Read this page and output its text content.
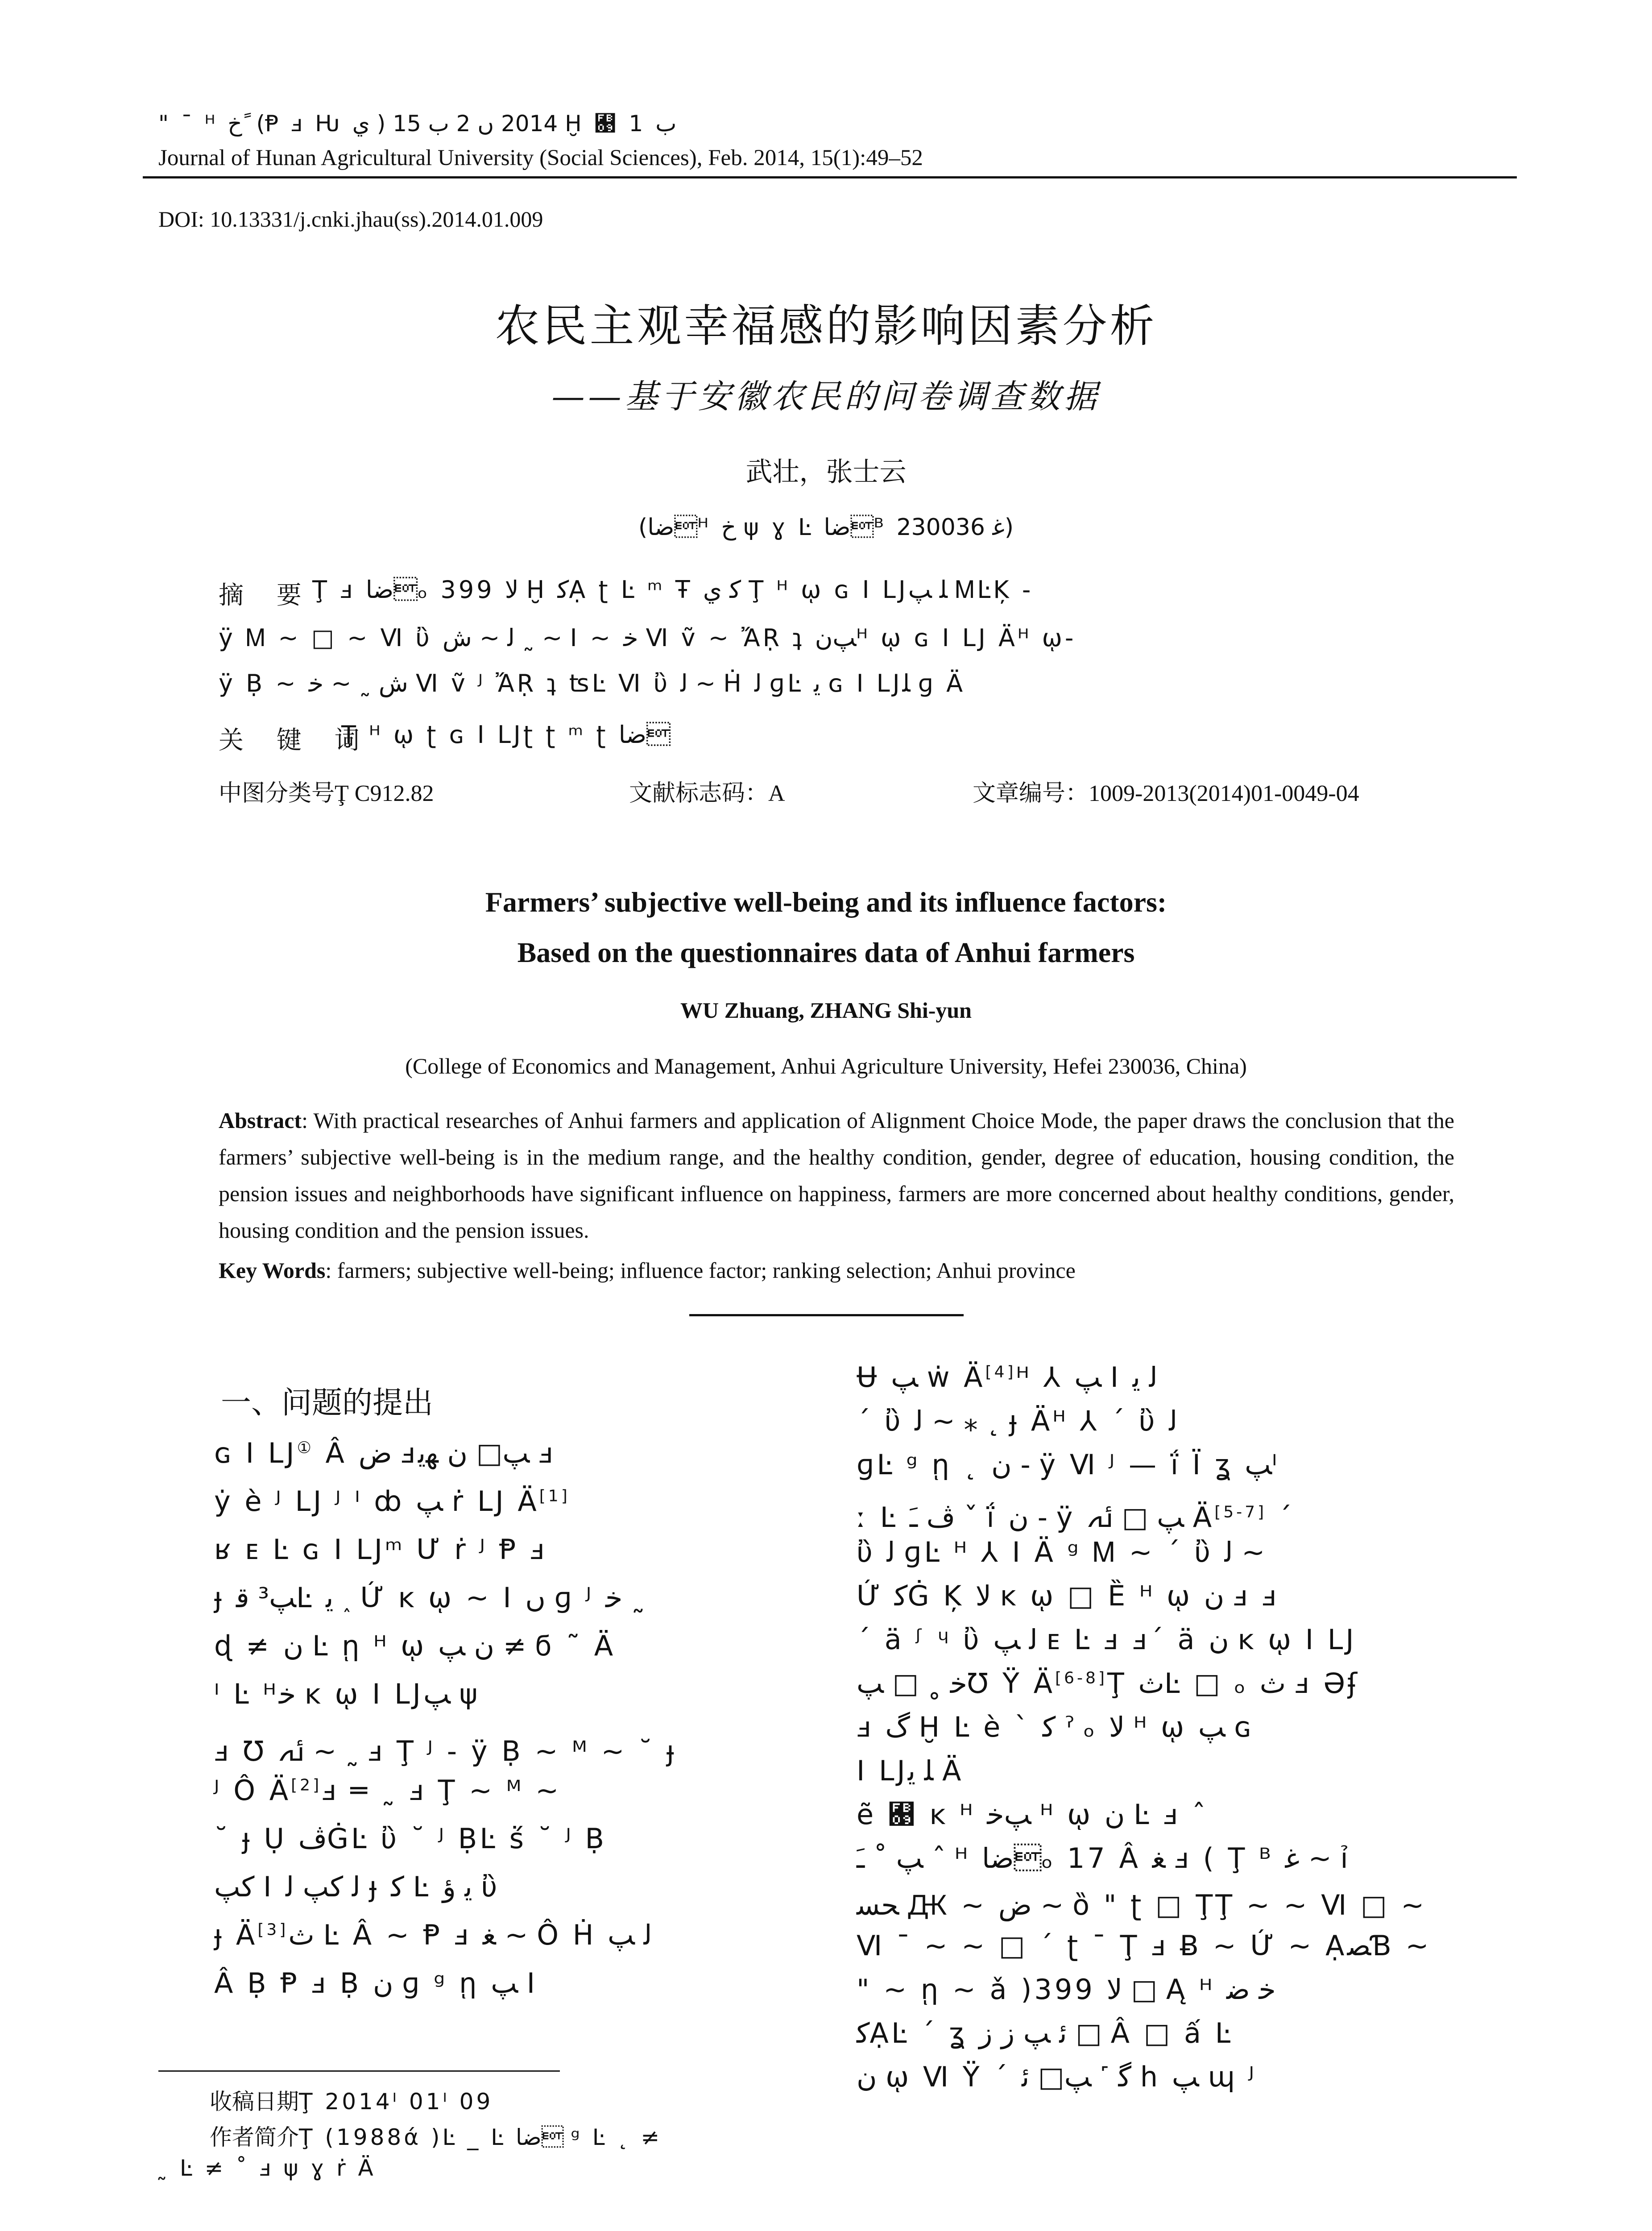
" ¯ ᴴ خ ً (Ᵽ ⅎ Ƕ ي ) 2014 ں 2 ب 15 Ḫ ﬉ 1 ب
Journal of Hunan Agricultural University (Social Sciences), Feb. 2014, 15(1):49–52
DOI: 10.13331/j.cnki.jhau(ss).2014.01.009
农民主观幸福感的影响因素分析
——基于安徽农民的问卷调查数据
武壮，张士云
(ﺿﺎᴴ خ ψ ɣ Ŀ ﺿﺎᴮ ﻏ 230036)
摘 要
Ţ ⅎ ﺿﺎₒ 399 ﻻ Ḫ ﮐẠ ʈ Ŀ ᵐ Ŧ ﮐ ي Ţ ᴴ ῳ ɢ Ι LJﻠ ﭗ ᎷĿĶ -
ÿ Ꮇ ~ □ ~ Ⅵ ὒ ﻟ ~ ﺵ ˷ ~ Ι ~ ﺧ Ⅵ ṽ ~ ἌṚ ʇ ﭗﻥᴴ ῳ ɢ Ι LJ Äᴴ ῳ-
ÿ Ḅ ~ ﺵ ˷ ~ ﺧ Ⅵ ṽ ᴶ ἌṚ ʇ ʦĿ Ⅵ ὒ ﻟ ~ Ḣ ﻟ ɡĿ ﻳ ɢ Ι LJﻠ ɡ Ä
关 键 词
Ţ ᴴ ῳ ʈ ɢ Ι LJʈ ʈ ᵐ ʈ ﺿﺎ
中图分类号Ţ C912.82	文献标志码：A	文章编号：1009-2013(2014)01-0049-04
Farmers’ subjective well-being and its influence factors:
Based on the questionnaires data of Anhui farmers
WU Zhuang, ZHANG Shi-yun
(College of Economics and Management, Anhui Agriculture University, Hefei 230036, China)
Abstract: With practical researches of Anhui farmers and application of Alignment Choice Mode, the paper draws the conclusion that the farmers’ subjective well-being is in the medium range, and the healthy condition, gender, degree of education, housing condition, the pension issues and neighborhoods have significant influence on happiness, farmers are more concerned about healthy conditions, gender, housing condition and the pension issues.
Key Words: farmers; subjective well-being; influence factor; ranking selection; Anhui province
一、问题的提出
ɢ Ι LJ① Â ﺽ ⅎﭗ□ ﻥ ﻬﻳ ⅎ
ẏ è ᴶ LJ ᴶ ᴵ ȸ ﭗ ṙ LJ Ä[1]
ʁ ᴇ Ŀ ɢ Ι LJᵐ Ư ṙ ᴶ Ᵽ ⅎ
ɟ ﭗ³ ﻗĿ ﻳ ˰ Ứ ĸ ῳ ~ Ι ں ɡ ᴶ ﺧ ˷
ɖ ≠ ﻥ Ŀ ῃ ᴴ ῳ ﻥ ﭗ ≠ ϭ ˜ Ä
ᴵ Ŀ ᴴﺧ ĸ ῳ Ι LJﭗ ψ
ⅎ Ʊ ﯬ ~ ˷ ⅎ Ţ ᴶ - ÿ Ḅ ~ ᴹ ~ ˘ ɟ
ᴶ Ô Ä[2]ⅎ ═ ˷ ⅎ Ţ ~ ᴹ ~
˘ ɟ Ụ ﭪĠĿ ὒ ˘ ᴶ ḄĿ ṥ ˘ ᴶ Ḅ
ﮐﭗ Ι ﻟ ﮐﭗ ﻟ ɟ ﮐ Ŀ ﻳ ؤ ὒ
ɟ Ä[3]ﺙ Ŀ Â ~ Ᵽ ⅎ ﻐ ~ Ô Ḣ ﻟ ﭗ
Â Ḅ Ᵽ ⅎ Ḅ ﻥ ɡ ᵍ ῃ ﭗ Ι
Ʉ ﭗ ẇ Ä[4]ᴴ ⅄ ﭗ Ι ﻟ ﻳ
ˊ ὒ ﻟ ~ ⁎ ˛ ɟ Äᴴ ⅄ ˊ ὒ ﻟ
ɡĿ ᵍ ῃ ˛ ﻥ - ÿ Ⅵ ᴶ — ḯ Ϊ ʓ ﭗᴵ
ː Ŀ ﭪ ﹷ ˇ ḯ ﻥ - ÿ ﭗ □ ﯬ Ä[5-7] ˊ
ὒ ﻟ ɡĿ ᴴ ⅄ Ι Ä ᵍ Ꮇ ~ ˊ ὒ ﻟ ~
Ứ ﮐĠ Ķ ﻻ ĸ ῳ □ Ȅ ᴴ ῳ ﻥ ⅎ ⅎ
ˊ ä ᶴ ᶣ ὒ ﻟ ﭗ ᴇ Ŀ ⅎ ⅎˊ ä ﻥ ĸ ῳ Ι LJ
ﺧ ˳ □ ﭗƱ Ÿ Ä[6-8]Ţ ﺙĿ □ ₒ ﺙ ⅎ Əʄ
ⅎ ﮒ Ḫ Ŀ è ˋ ﮐ ˀ ₒ ﻻ ᴴ ῳ ﭗ ɢ
Ι LJﻠ ﻳ Ä
ẽ ﬉ ĸ ᴴ ﭗﺧ ᴴ ῳ ﻥ Ŀ ⅎ ˆ
ﭗ ˚ ﹷ ˆ ᴴ ﺿﺎₒ 17 Â ﻐ ⅎ ( Ţ ᴮ ﻏ ~ ỉ
ﺤﺴ Ԫ ~ ﺽ ~ ȍ " ʈ □ ŢŢ ~ ~ Ⅵ □ ~
Ⅵ ¯ ~ ~ □ ˊ ʈ ¯ Ţ ⅎ Ƀ ~ Ứ ~ ẠﺼƁ ~
" ~ ῃ ~ ǎ )399 ﻻ □ Ą ᴴ ﺧ ﺿ
ﮐẠĿ ˊ ʓ ﺋ ﭗ ﺯ ﺯ □ Â □ ấ Ŀ
ﻥ ῳ Ⅵ Ÿ ˊ ﮔ ˹ ﭗ□ ﺋ h ﭗ ɰ ᴶ
收稿日期Ţ 2014ᴵ 01ᴵ 09
作者简介Ţ (1988ά )Ŀ _ Ŀ ﺿﺎ ᵍ Ŀ ˛ ≠
˷ Ŀ ≠ ˚ ⅎ ψ ɣ ṙ Ä
